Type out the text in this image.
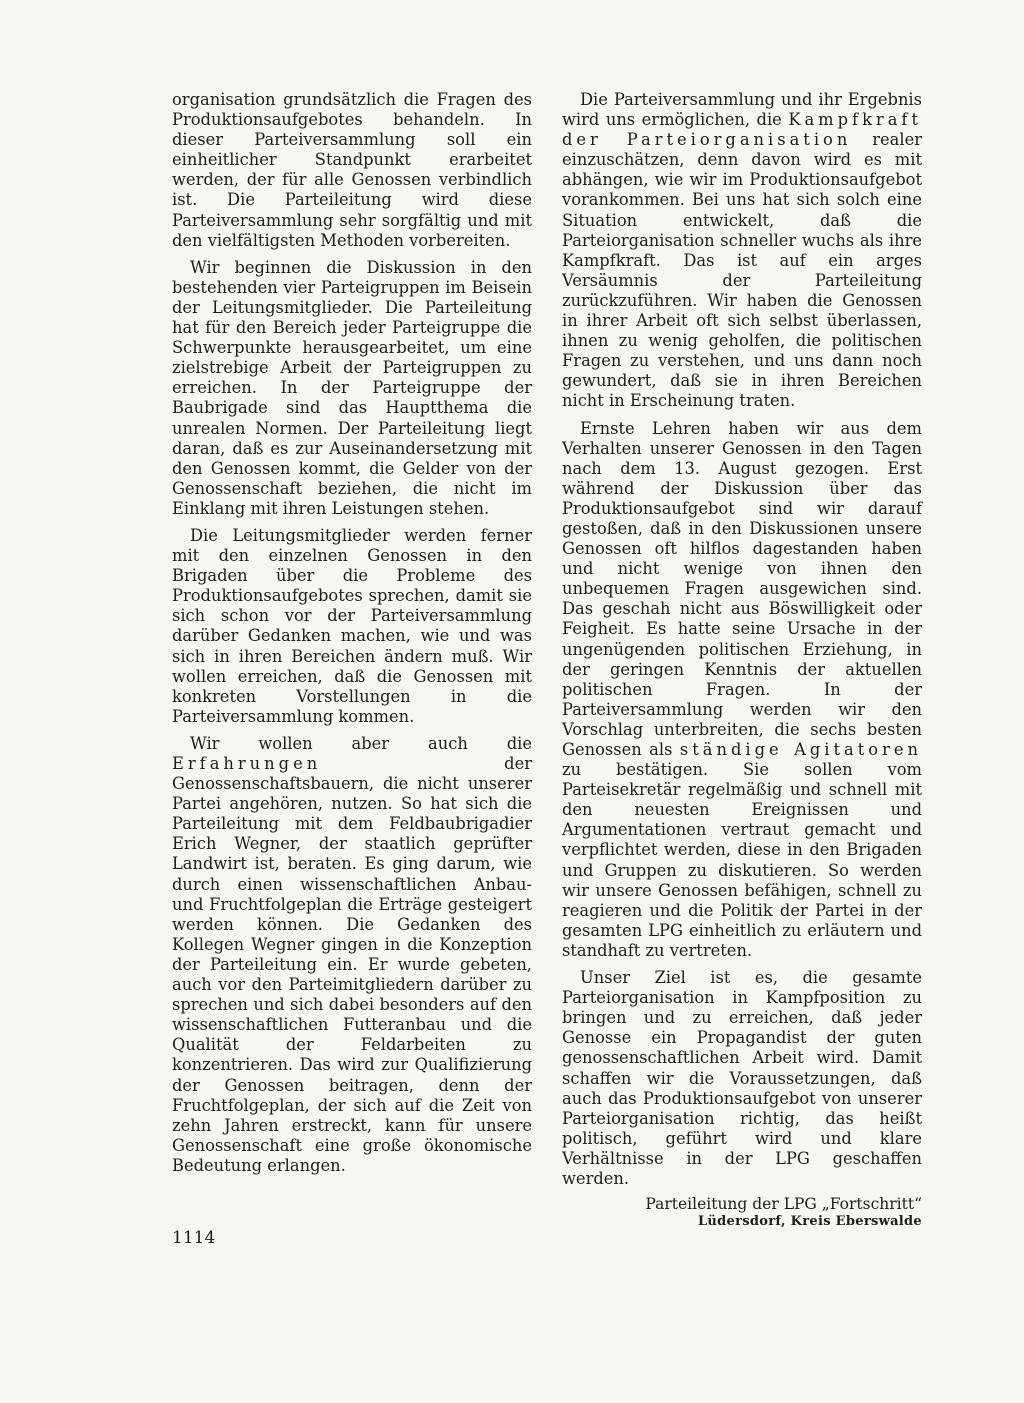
organisation grundsätzlich die Fragen des Produktionsaufgebotes behandeln. In dieser Parteiversammlung soll ein einheitlicher Standpunkt erarbeitet werden, der für alle Genossen verbindlich ist. Die Parteileitung wird diese Parteiversammlung sehr sorgfältig und mit den vielfältigsten Methoden vorbereiten.

Wir beginnen die Diskussion in den bestehenden vier Parteigruppen im Beisein der Leitungsmitglieder. Die Parteileitung hat für den Bereich jeder Parteigruppe die Schwerpunkte herausgearbeitet, um eine zielstrebige Arbeit der Parteigruppen zu erreichen. In der Parteigruppe der Baubrigade sind das Hauptthema die unrealen Normen. Der Parteileitung liegt daran, daß es zur Auseinandersetzung mit den Genossen kommt, die Gelder von der Genossenschaft beziehen, die nicht im Einklang mit ihren Leistungen stehen.

Die Leitungsmitglieder werden ferner mit den einzelnen Genossen in den Brigaden über die Probleme des Produktionsaufgebotes sprechen, damit sie sich schon vor der Parteiversammlung darüber Gedanken machen, wie und was sich in ihren Bereichen ändern muß. Wir wollen erreichen, daß die Genossen mit konkreten Vorstellungen in die Parteiversammlung kommen.

Wir wollen aber auch die Erfahrungen	der Genossenschaftsbauern, die nicht unserer Partei angehören, nutzen. So hat sich die Parteileitung mit dem Feldbaubrigadier Erich Wegner, der staatlich geprüfter Landwirt ist, beraten. Es ging darum, wie durch einen wissenschaftlichen Anbau- und Fruchtfolgeplan die Erträge gesteigert werden können. Die Gedanken des Kollegen Wegner gingen in die Konzeption der Parteileitung ein. Er wurde gebeten, auch vor den Parteimitgliedern darüber zu sprechen und sich dabei besonders auf den wissenschaftlichen Futteranbau und die Qualität der Feldarbeiten zu konzentrieren. Das wird zur Qualifizierung der Genossen beitragen, denn der Fruchtfolgeplan, der sich auf die Zeit von zehn Jahren erstreckt, kann für unsere Genossenschaft eine große ökonomische Bedeutung erlangen.

Die Parteiversammlung und ihr Ergebnis wird uns ermöglichen, die Kampfkraft der Parteiorganisation realer einzuschätzen, denn davon wird es mit abhängen, wie wir im Produktionsaufgebot vorankommen. Bei uns hat sich solch eine Situation entwickelt, daß die Parteiorganisation schneller wuchs als ihre Kampfkraft. Das ist auf ein arges Versäumnis der Parteileitung zurückzuführen. Wir haben die Genossen in ihrer Arbeit oft sich selbst überlassen, ihnen zu wenig geholfen, die politischen Fragen zu verstehen, und uns dann noch gewundert, daß sie in ihren Bereichen nicht in Erscheinung traten.

Ernste Lehren haben wir aus dem Verhalten unserer Genossen in den Tagen nach dem 13. August gezogen. Erst während der Diskussion über das Produktionsaufgebot sind wir darauf gestoßen, daß in den Diskussionen unsere Genossen oft hilflos dagestanden haben und nicht wenige von ihnen den unbequemen Fragen ausgewichen sind. Das geschah nicht aus Böswilligkeit oder Feigheit. Es hatte seine Ursache in der ungenügenden politischen Erziehung, in der geringen Kenntnis der aktuellen politischen Fragen. In der Parteiversammlung werden wir den Vorschlag unterbreiten, die sechs besten Genossen als ständige Agitatoren zu bestätigen. Sie sollen vom Parteisekretär regelmäßig und schnell mit den neuesten Ereignissen und Argumentationen vertraut gemacht und verpflichtet werden, diese in den Brigaden und Gruppen zu diskutieren. So werden wir unsere Genossen befähigen, schnell zu reagieren und die Politik der Partei in der gesamten LPG einheitlich zu erläutern und standhaft zu vertreten.

Unser Ziel ist es, die gesamte Parteiorganisation in Kampfposition zu bringen und zu erreichen, daß jeder Genosse ein Propagandist der guten genossenschaftlichen Arbeit wird. Damit schaffen wir die Voraussetzungen, daß auch das Produktionsaufgebot von unserer Parteiorganisation richtig, das heißt politisch, geführt wird und klare Verhältnisse in der LPG geschaffen werden.

Parteileitung der LPG „Fortschritt“
Lüdersdorf, Kreis Eberswalde
1114
